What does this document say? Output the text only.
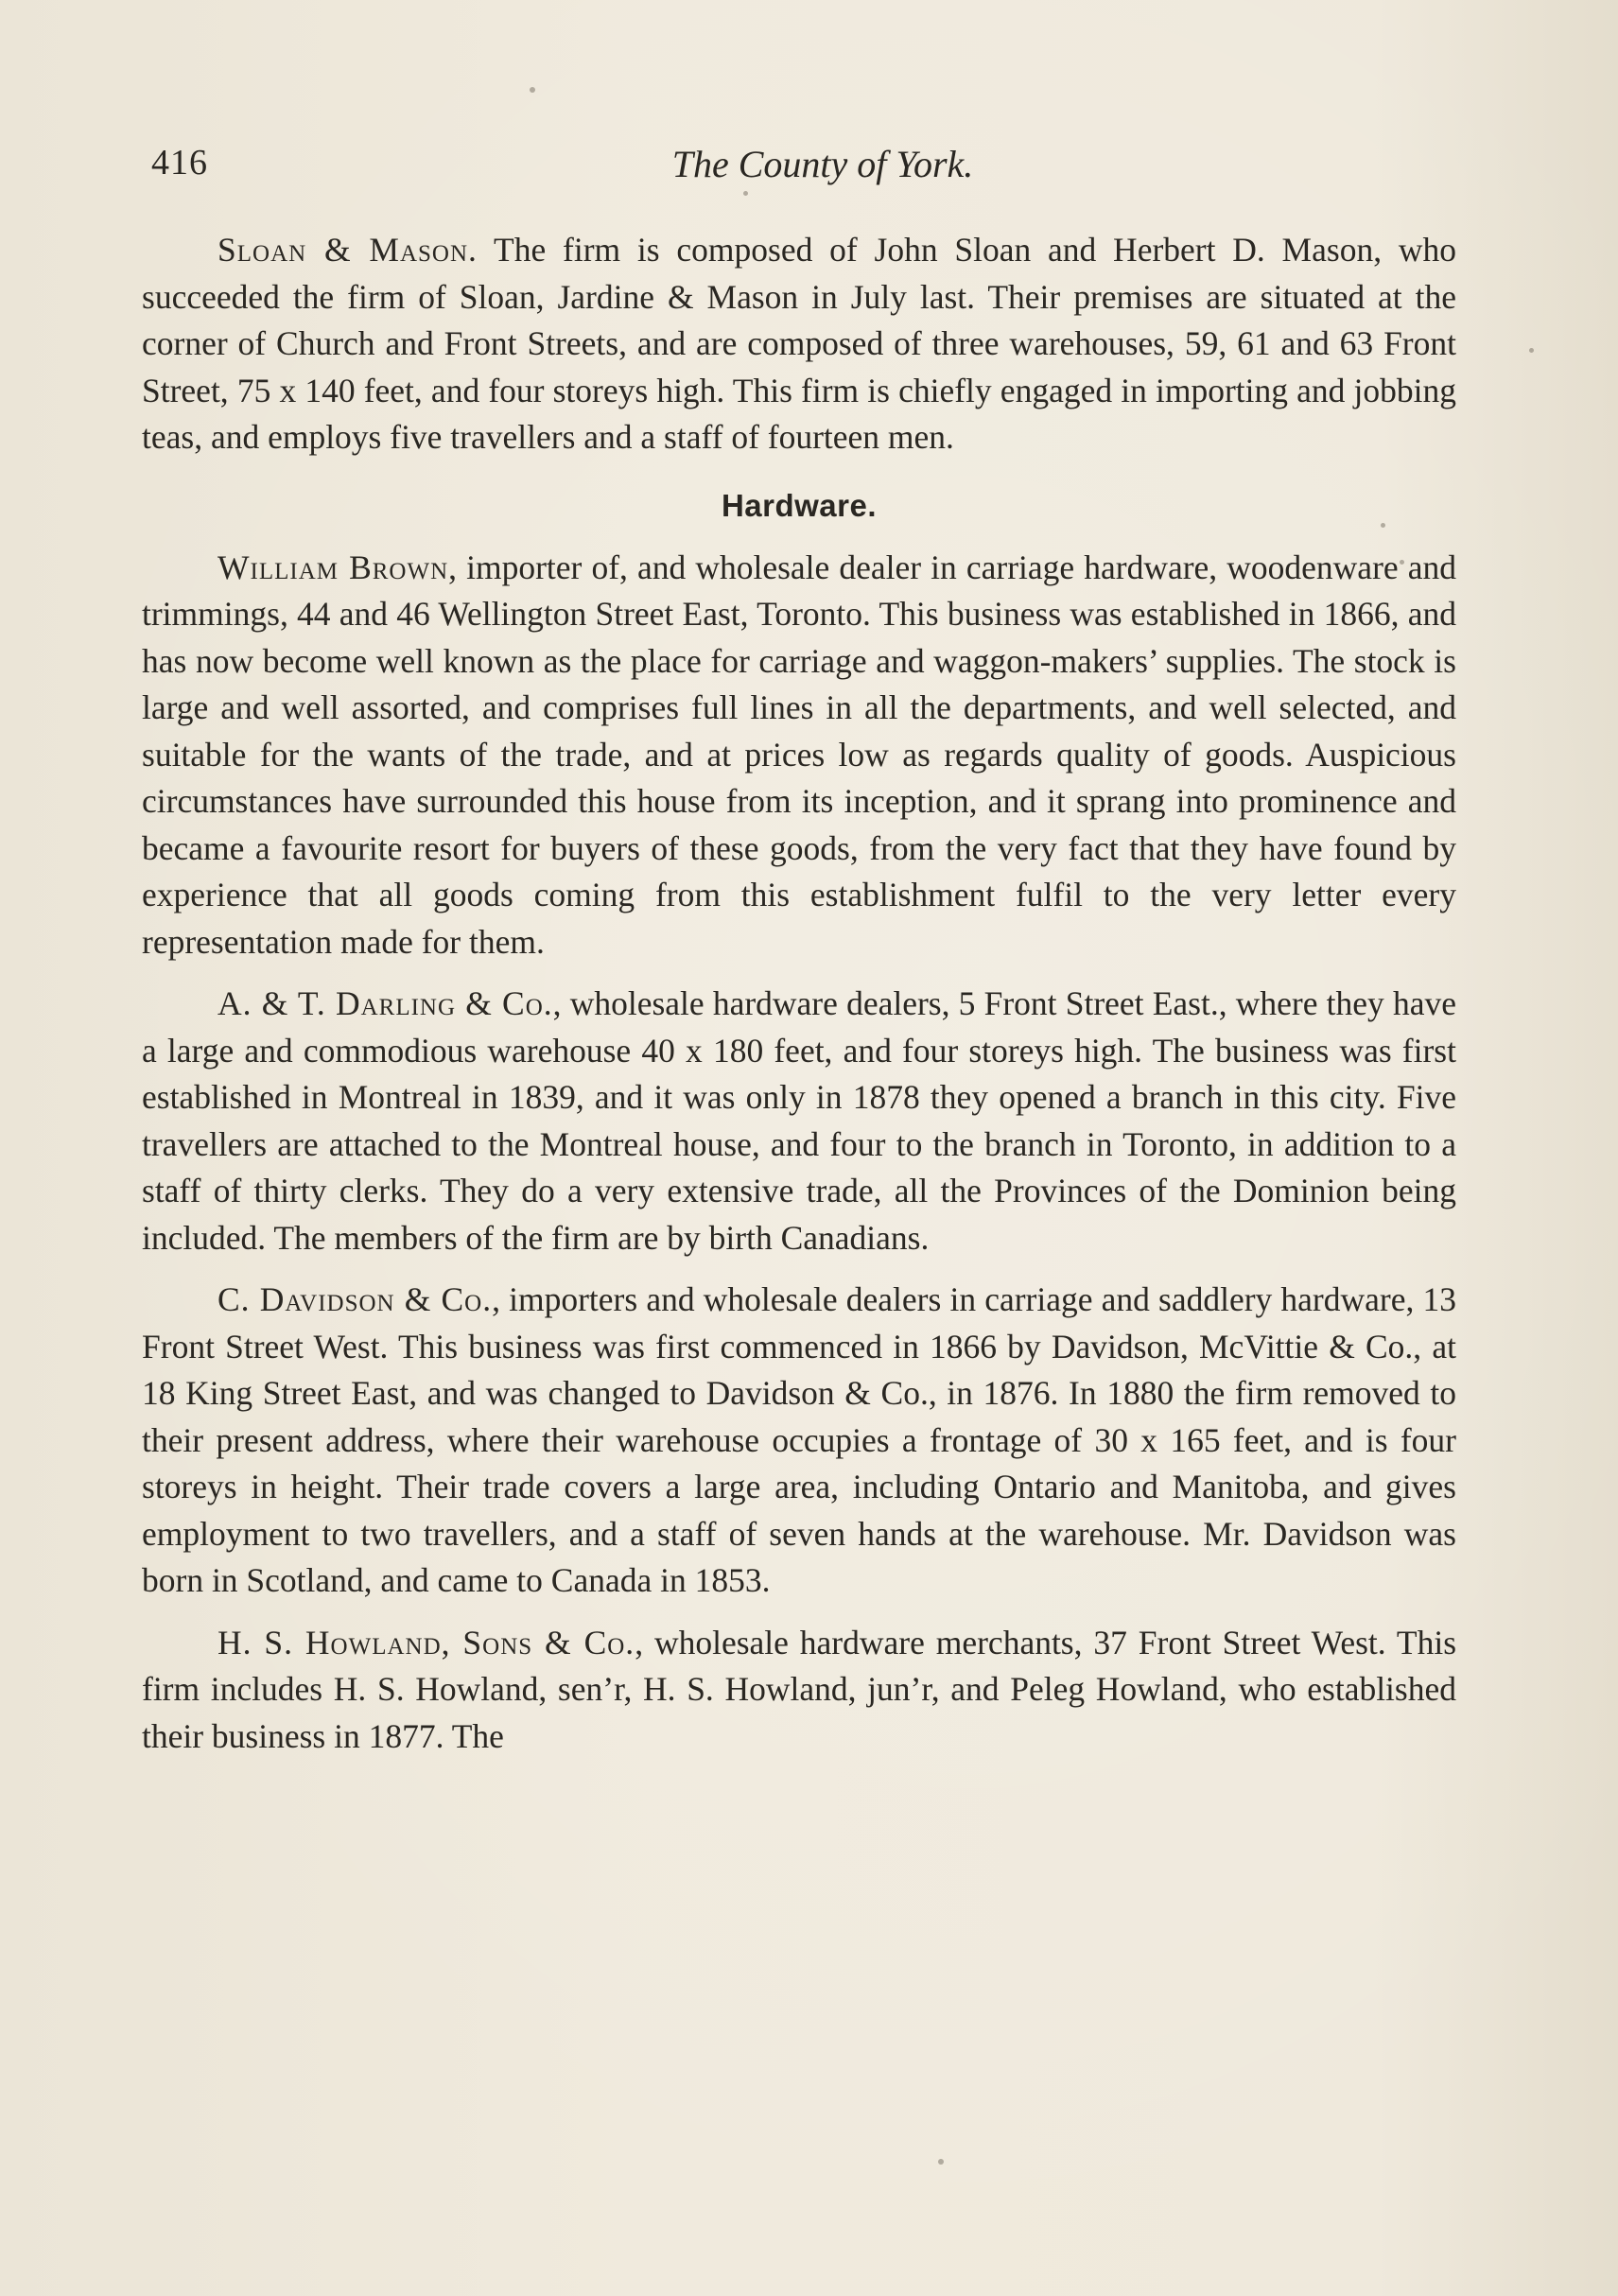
416	The County of York.

Sloan & Mason. The firm is composed of John Sloan and Herbert D. Mason, who succeeded the firm of Sloan, Jardine & Mason in July last. Their premises are situated at the corner of Church and Front Streets, and are composed of three warehouses, 59, 61 and 63 Front Street, 75 x 140 feet, and four storeys high. This firm is chiefly engaged in importing and jobbing teas, and employs five travellers and a staff of fourteen men.

Hardware.

William Brown, importer of, and wholesale dealer in carriage hardware, woodenware and trimmings, 44 and 46 Wellington Street East, Toronto. This business was established in 1866, and has now become well known as the place for carriage and waggon-makers’ supplies. The stock is large and well assorted, and comprises full lines in all the departments, and well selected, and suitable for the wants of the trade, and at prices low as regards quality of goods. Auspicious circumstances have surrounded this house from its inception, and it sprang into prominence and became a favourite resort for buyers of these goods, from the very fact that they have found by experience that all goods coming from this establishment fulfil to the very letter every representation made for them.

A. & T. Darling & Co., wholesale hardware dealers, 5 Front Street East., where they have a large and commodious warehouse 40 x 180 feet, and four storeys high. The business was first established in Montreal in 1839, and it was only in 1878 they opened a branch in this city. Five travellers are attached to the Montreal house, and four to the branch in Toronto, in addition to a staff of thirty clerks. They do a very extensive trade, all the Provinces of the Dominion being included. The members of the firm are by birth Canadians.

C. Davidson & Co., importers and wholesale dealers in carriage and saddlery hardware, 13 Front Street West. This business was first commenced in 1866 by Davidson, McVittie & Co., at 18 King Street East, and was changed to Davidson & Co., in 1876. In 1880 the firm removed to their present address, where their warehouse occupies a frontage of 30 x 165 feet, and is four storeys in height. Their trade covers a large area, including Ontario and Manitoba, and gives employment to two travellers, and a staff of seven hands at the warehouse. Mr. Davidson was born in Scotland, and came to Canada in 1853.

H. S. Howland, Sons & Co., wholesale hardware merchants, 37 Front Street West. This firm includes H. S. Howland, sen’r, H. S. Howland, jun’r, and Peleg Howland, who established their business in 1877. The
